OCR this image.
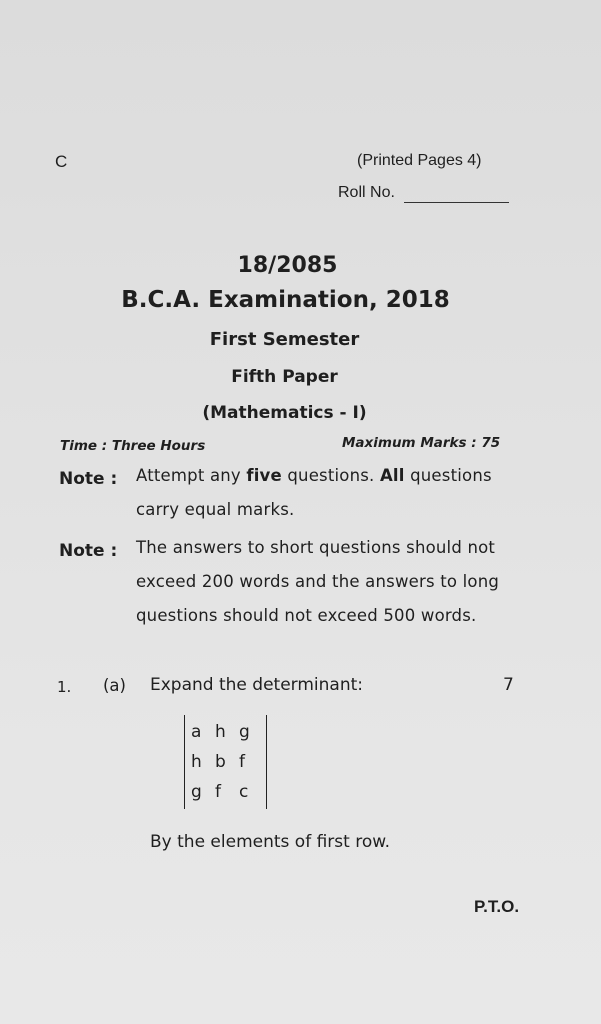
C	(Printed Pages 4)
Roll No.
18/2085
B.C.A. Examination, 2018
First Semester
Fifth Paper
(Mathematics - I)
Time : Three Hours	Maximum Marks : 75
Note : Attempt any five questions. All questions carry equal marks.
Note : The answers to short questions should not exceed 200 words and the answers to long questions should not exceed 500 words.
1. (a) Expand the determinant:	7
a h g
h b f
g f	c
By the elements of first row.
P.T.O.
